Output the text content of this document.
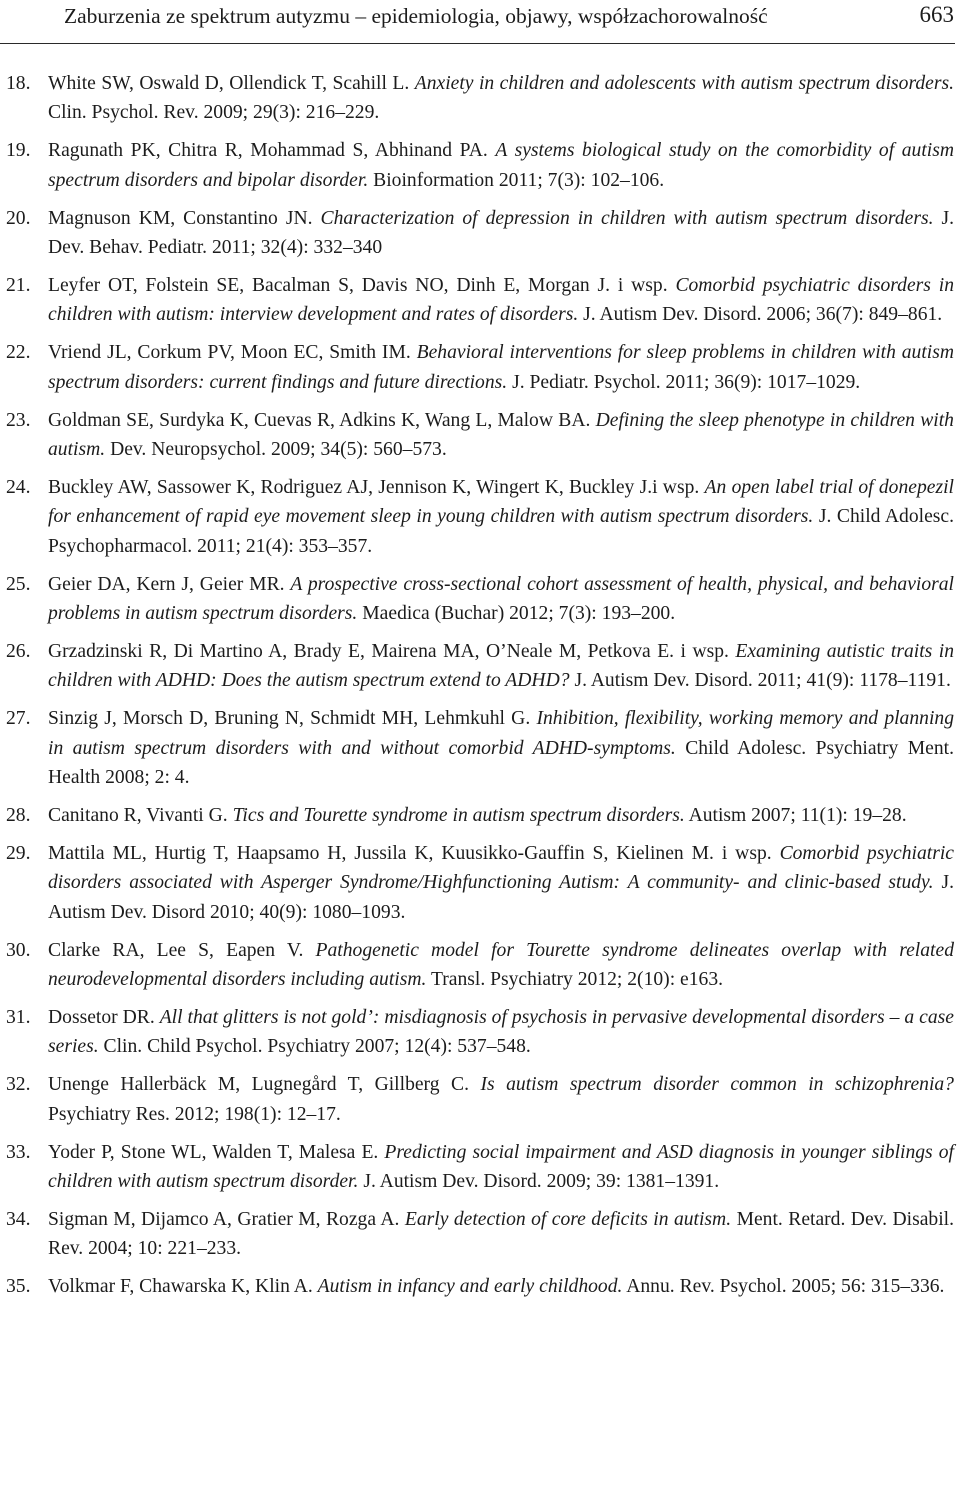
Zaburzenia ze spektrum autyzmu – epidemiologia, objawy, współzachorowalność	663
18. White SW, Oswald D, Ollendick T, Scahill L. Anxiety in children and adolescents with autism spectrum disorders. Clin. Psychol. Rev. 2009; 29(3): 216–229.
19. Ragunath PK, Chitra R, Mohammad S, Abhinand PA. A systems biological study on the comorbidity of autism spectrum disorders and bipolar disorder. Bioinformation 2011; 7(3): 102–106.
20. Magnuson KM, Constantino JN. Characterization of depression in children with autism spectrum disorders. J. Dev. Behav. Pediatr. 2011; 32(4): 332–340
21. Leyfer OT, Folstein SE, Bacalman S, Davis NO, Dinh E, Morgan J. i wsp. Comorbid psychiatric disorders in children with autism: interview development and rates of disorders. J. Autism Dev. Disord. 2006; 36(7): 849–861.
22. Vriend JL, Corkum PV, Moon EC, Smith IM. Behavioral interventions for sleep problems in children with autism spectrum disorders: current findings and future directions. J. Pediatr. Psychol. 2011; 36(9): 1017–1029.
23. Goldman SE, Surdyka K, Cuevas R, Adkins K, Wang L, Malow BA. Defining the sleep phenotype in children with autism. Dev. Neuropsychol. 2009; 34(5): 560–573.
24. Buckley AW, Sassower K, Rodriguez AJ, Jennison K, Wingert K, Buckley J.i wsp. An open label trial of donepezil for enhancement of rapid eye movement sleep in young children with autism spectrum disorders. J. Child Adolesc. Psychopharmacol. 2011; 21(4): 353–357.
25. Geier DA, Kern J, Geier MR. A prospective cross-sectional cohort assessment of health, physical, and behavioral problems in autism spectrum disorders. Maedica (Buchar) 2012; 7(3): 193–200.
26. Grzadzinski R, Di Martino A, Brady E, Mairena MA, O’Neale M, Petkova E. i wsp. Examining autistic traits in children with ADHD: Does the autism spectrum extend to ADHD? J. Autism Dev. Disord. 2011; 41(9): 1178–1191.
27. Sinzig J, Morsch D, Bruning N, Schmidt MH, Lehmkuhl G. Inhibition, flexibility, working memory and planning in autism spectrum disorders with and without comorbid ADHD-symptoms. Child Adolesc. Psychiatry Ment. Health 2008; 2: 4.
28. Canitano R, Vivanti G. Tics and Tourette syndrome in autism spectrum disorders. Autism 2007; 11(1): 19–28.
29. Mattila ML, Hurtig T, Haapsamo H, Jussila K, Kuusikko-Gauffin S, Kielinen M. i wsp. Comorbid psychiatric disorders associated with Asperger Syndrome/Highfunctioning Autism: A community- and clinic-based study. J. Autism Dev. Disord 2010; 40(9): 1080–1093.
30. Clarke RA, Lee S, Eapen V. Pathogenetic model for Tourette syndrome delineates overlap with related neurodevelopmental disorders including autism. Transl. Psychiatry 2012; 2(10): e163.
31. Dossetor DR. All that glitters is not gold’: misdiagnosis of psychosis in pervasive developmental disorders – a case series. Clin. Child Psychol. Psychiatry 2007; 12(4): 537–548.
32. Unenge Hallerbäck M, Lugnegård T, Gillberg C. Is autism spectrum disorder common in schizophrenia? Psychiatry Res. 2012; 198(1): 12–17.
33. Yoder P, Stone WL, Walden T, Malesa E. Predicting social impairment and ASD diagnosis in younger siblings of children with autism spectrum disorder. J. Autism Dev. Disord. 2009; 39: 1381–1391.
34. Sigman M, Dijamco A, Gratier M, Rozga A. Early detection of core deficits in autism. Ment. Retard. Dev. Disabil. Rev. 2004; 10: 221–233.
35. Volkmar F, Chawarska K, Klin A. Autism in infancy and early childhood. Annu. Rev. Psychol. 2005; 56: 315–336.
